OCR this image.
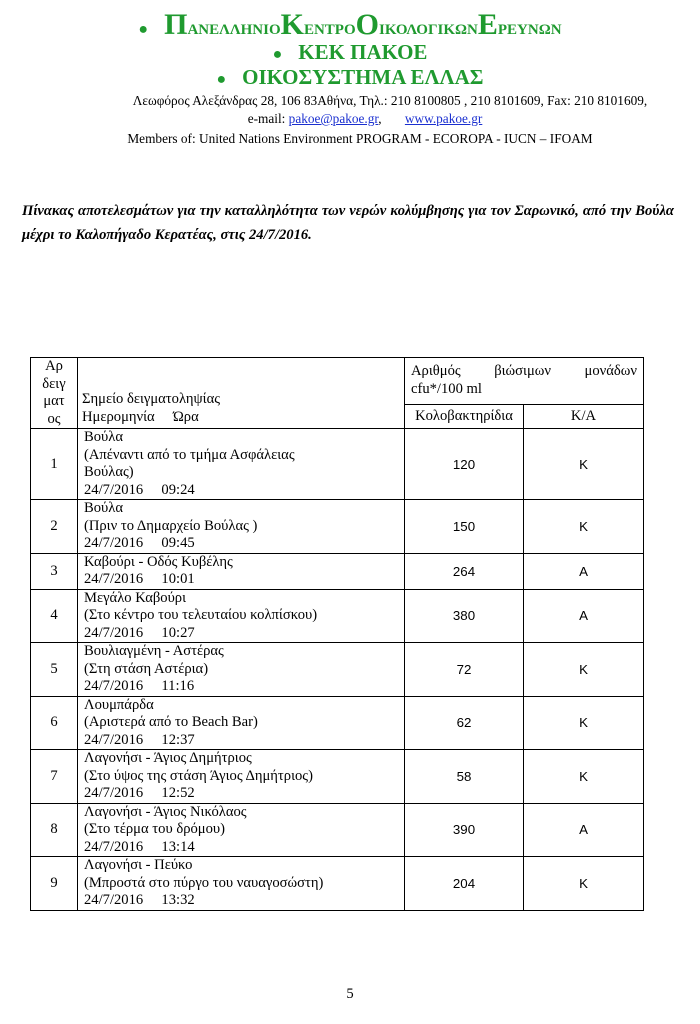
● ΠΑΝΕΛΛΗΝΙΟΚΕΝΤΡΟΟΙΚΟΛΟΓΙΚΩΝΕΡΕΥΝΩΝ
● ΚΕΚ ΠΑΚΟΕ
● ΟΙΚΟΣΥΣΤΗΜΑ ΕΛΛΑΣ
Λεωφόρος Αλεξάνδρας 28, 106 83Αθήνα, Τηλ.: 210 8100805 , 210 8101609, Fax: 210 8101609,
e-mail: pakoe@pakoe.gr,       www.pakoe.gr
Members of: United Nations Environment PROGRAM - ECOROPA - IUCN – IFOAM
Πίνακας αποτελεσμάτων για την καταλληλότητα των νερών κολύμβησης για τον Σαρωνικό, από την Βούλα μέχρι το Καλοπήγαδο Κερατέας, στις 24/7/2016.
Αρ
δειγ
ματ
ος	Σημείο δειγματοληψίας
Ημερομηνία     Ώρα	Αριθμός βιώσιμων μονάδων
cfu*/100 ml	

		Κολοβακτηρίδια	Κ/Α
1	Βούλα
(Απέναντι από το τμήμα Ασφάλειας
Βούλας)
24/7/2016     09:24	120	Κ
2	Βούλα
(Πριν το Δημαρχείο Βούλας )
24/7/2016     09:45	150	Κ
3	Καβούρι - Οδός Κυβέλης
24/7/2016     10:01	264	Α
4	Μεγάλο Καβούρι
(Στο κέντρο του τελευταίου κολπίσκου)
24/7/2016     10:27	380	Α
5	Βουλιαγμένη - Αστέρας
(Στη στάση Αστέρια)
24/7/2016     11:16	72	Κ
6	Λουμπάρδα
(Αριστερά από το Beach Bar)
24/7/2016     12:37	62	Κ
7	Λαγονήσι - Άγιος Δημήτριος
(Στο ύψος της στάση Άγιος Δημήτριος)
24/7/2016     12:52	58	Κ
8	Λαγονήσι - Άγιος Νικόλαος
(Στο τέρμα του δρόμου)
24/7/2016     13:14	390	Α
9	Λαγονήσι - Πεύκο
(Μπροστά στο πύργο του ναυαγοσώστη)
24/7/2016     13:32	204	Κ
5
